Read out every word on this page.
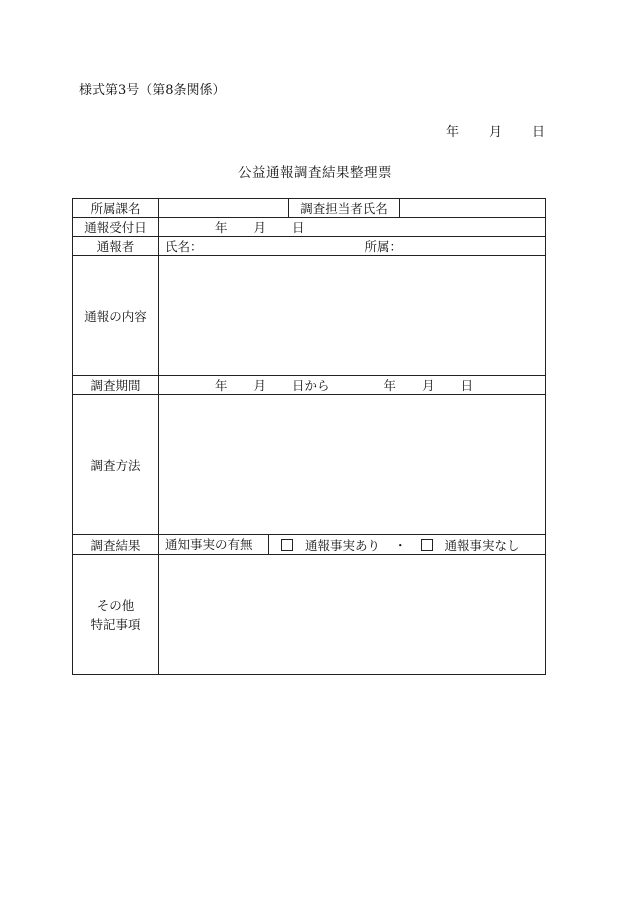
様式第3号（第8条関係）
年 月 日
公益通報調査結果整理票
所属課名		調査担当者氏名	
通報受付日	年 月 日		
通報者	氏名： 所属：		
通報の内容			
調査期間	年 月 日から 年 月 日		
調査方法			
調査結果	通知事実の有無 通報事実あり ・ 通報事実なし		

その他
特記事項			
